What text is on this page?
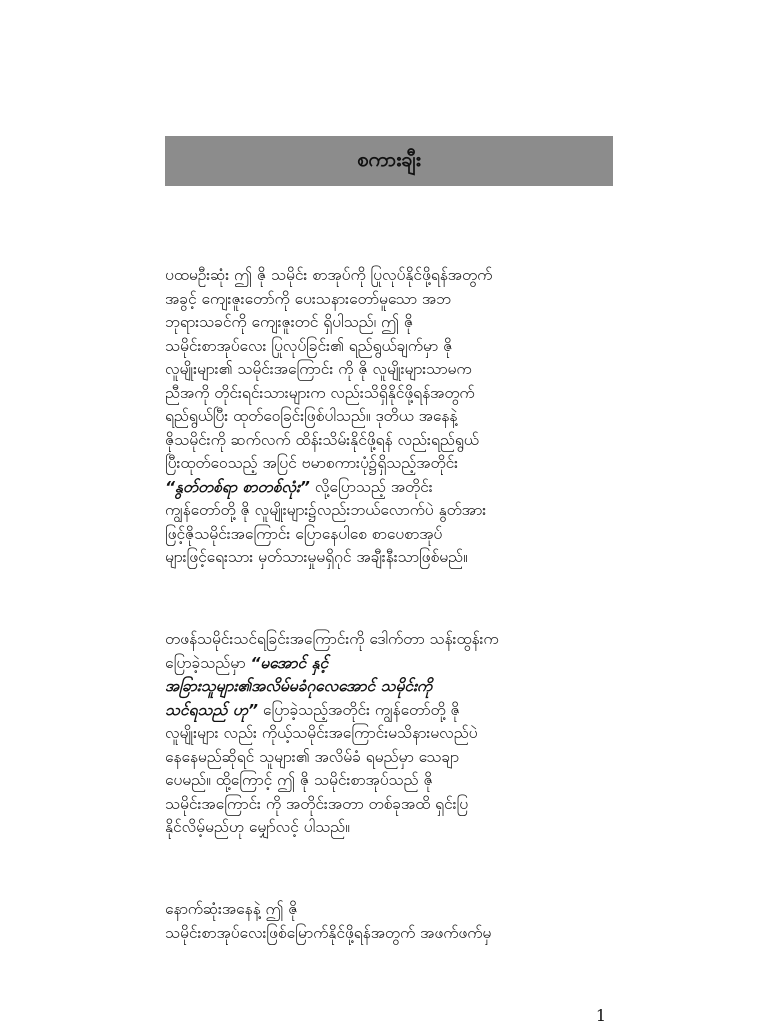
စကားချီး
ပထမဦးဆုံး ဤ ဇို သမိုင်း စာအုပ်ကို ပြုလုပ်နိုင်ဖို့ရန်အတွက်
အခွင့် ကျေးဇူးတော်ကို ပေးသနားတော်မူသော အဘ
ဘုရားသခင်ကို ကျေးဇူးတင် ရှိပါသည်၊ ဤ ဇို
သမိုင်းစာအုပ်လေး ပြုလုပ်ခြင်း၏ ရည်ရွယ်ချက်မှာ ဇို
လူမျိုးများ၏ သမိုင်းအကြောင်း ကို ဇို လူမျိုးများသာမက
ညီအကို တိုင်းရင်းသားများက လည်းသိရှိနိုင်ဖို့ရန်အတွက်
ရည်ရွယ်ပြီး ထုတ်ဝေခြင်းဖြစ်ပါသည်။ ဒုတိယ အနေနဲ့
ဇိုသမိုင်းကို ဆက်လက် ထိန်းသိမ်းနိုင်ဖို့ရန် လည်းရည်ရွယ်
ပြီးထုတ်ဝေသည့် အပြင် ဗမာစကားပုံ၌ရှိသည့်အတိုင်း
“နွတ်တစ်ရာ စာတစ်လုံး” လို့ပြောသည့် အတိုင်း
ကျွန်တော်တို့ ဇို လူမျိုးများ၌လည်းဘယ်လောက်ပဲ နွတ်အား
ဖြင့်ဇိုသမိုင်းအကြောင်း ပြောနေပါစေ စာပေစာအုပ်
များဖြင့်ရေးသား မှတ်သားမှုမရှိဂုင် အချီးနီးသာဖြစ်မည်။
တဖန်သမိုင်းသင်ရခြင်းအကြောင်းကို ဒေါက်တာ သန်းထွန်းက
ပြောခဲ့သည်မှာ “မအောင် နှင့်
အခြားသူများ၏အလိမ်မခံဂုလေအောင် သမိုင်းကို
သင်ရသည် ဟု” ပြောခဲ့သည့်အတိုင်း ကျွန်တော်တို့ ဇို
လူမျိုးများ လည်း ကိုယ့်သမိုင်းအကြောင်းမသိနားမလည်ပဲ
နေနေမည်ဆိုရင် သူများ၏ အလိမ်ခံ ရမည်မှာ သေချာ
ပေမည်။ ထို့ကြောင့် ဤ ဇို သမိုင်းစာအုပ်သည် ဇို
သမိုင်းအကြောင်း ကို အတိုင်းအတာ တစ်ခုအထိ ရှင်းပြ
နိုင်လိမ့်မည်ဟု မျှော်လင့် ပါသည်။
နောက်ဆုံးအနေနဲ့ ဤ ဇို
သမိုင်းစာအုပ်လေးဖြစ်မြောက်နိုင်ဖို့ရန်အတွက် အဖက်ဖက်မှ
1
